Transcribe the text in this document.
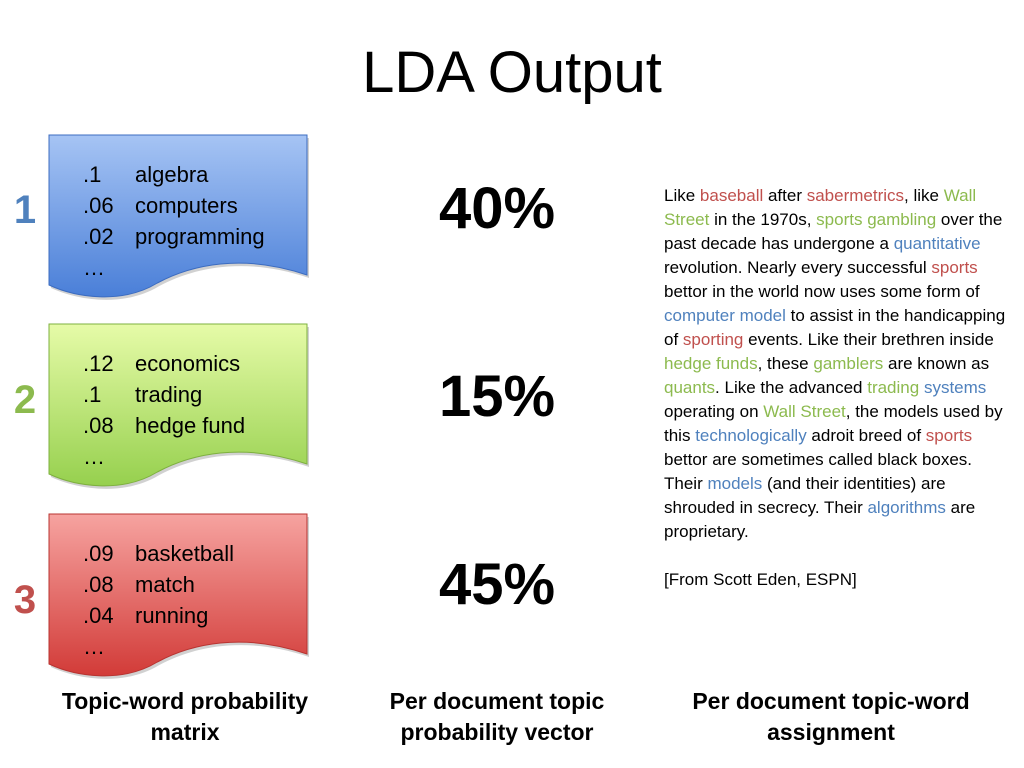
LDA Output
1
.1	algebra
.06 computers
.02 programming
…
40%
2
.12 economics
.1	trading
.08 hedge fund
…
15%
3
.09 basketball
.08 match
.04 running
…
45%
Like baseball after sabermetrics, like Wall Street in the 1970s, sports gambling over the past decade has undergone a quantitative revolution. Nearly every successful sports bettor in the world now uses some form of computer model to assist in the handicapping of sporting events. Like their brethren inside hedge funds, these gamblers are known as quants. Like the advanced trading systems operating on Wall Street, the models used by this technologically adroit breed of sports bettor are sometimes called black boxes. Their models (and their identities) are shrouded in secrecy. Their algorithms are proprietary.
[From Scott Eden, ESPN]
Topic-word probability matrix
Per document topic probability vector
Per document topic-word assignment
